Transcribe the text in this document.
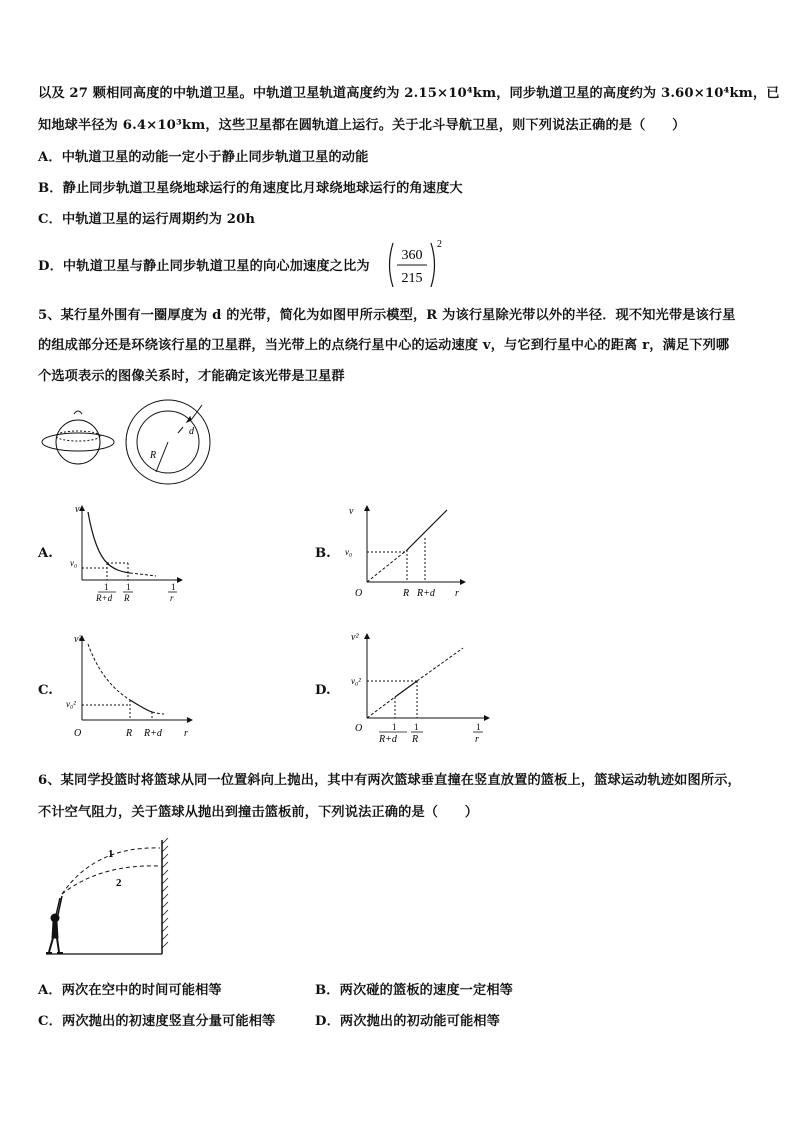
以及 27 颗相同高度的中轨道卫星。中轨道卫星轨道高度约为 2.15×10⁴km，同步轨道卫星的高度约为 3.60×10⁴km，已
知地球半径为 6.4×10³km，这些卫星都在圆轨道上运行。关于北斗导航卫星，则下列说法正确的是（　　）
A．中轨道卫星的动能一定小于静止同步轨道卫星的动能
B．静止同步轨道卫星绕地球运行的角速度比月球绕地球运行的角速度大
C．中轨道卫星的运行周期约为 20h
D．中轨道卫星与静止同步轨道卫星的向心加速度之比为
360
215
2
5、某行星外围有一圈厚度为 d 的光带，简化为如图甲所示模型，R 为该行星除光带以外的半径．现不知光带是该行星
的组成部分还是环绕该行星的卫星群，当光带上的点绕行星中心的运动速度 v，与它到行星中心的距离 r，满足下列哪
个选项表示的图像关系时，才能确定该光带是卫星群
R
d
A.	B.
C.	D.
v
v₀
1
R+d
1
R
1
r
v
v₀
O	R R+d r
v²
v₀²
O	R R+d r
v²
v₀²
O	1
R+d
1
R
1
r
6、某同学投篮时将篮球从同一位置斜向上抛出，其中有两次篮球垂直撞在竖直放置的篮板上，篮球运动轨迹如图所示，
不计空气阻力，关于篮球从抛出到撞击篮板前，下列说法正确的是（　　）
1
2
A．两次在空中的时间可能相等	B．两次碰的篮板的速度一定相等
C．两次抛出的初速度竖直分量可能相等	D．两次抛出的初动能可能相等
